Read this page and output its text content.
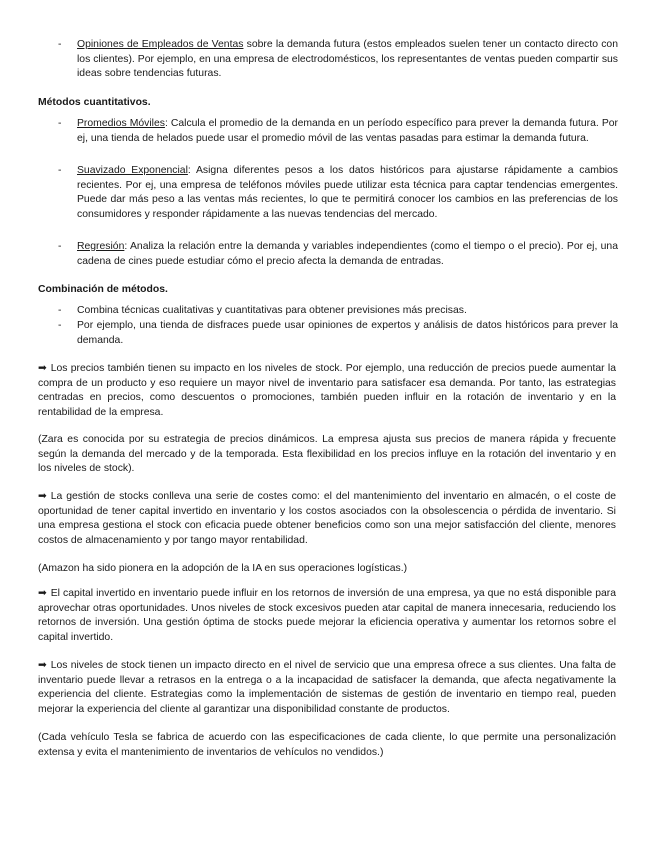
- Opiniones de Empleados de Ventas sobre la demanda futura (estos empleados suelen tener un contacto directo con los clientes). Por ejemplo, en una empresa de electrodomésticos, los representantes de ventas pueden compartir sus ideas sobre tendencias futuras.
Métodos cuantitativos.
- Promedios Móviles: Calcula el promedio de la demanda en un período específico para prever la demanda futura. Por ej, una tienda de helados puede usar el promedio móvil de las ventas pasadas para estimar la demanda futura.
- Suavizado Exponencial: Asigna diferentes pesos a los datos históricos para ajustarse rápidamente a cambios recientes. Por ej, una empresa de teléfonos móviles puede utilizar esta técnica para captar tendencias emergentes. Puede dar más peso a las ventas más recientes, lo que te permitirá conocer los cambios en las preferencias de los consumidores y responder rápidamente a las nuevas tendencias del mercado.
- Regresión: Analiza la relación entre la demanda y variables independientes (como el tiempo o el precio). Por ej, una cadena de cines puede estudiar cómo el precio afecta la demanda de entradas.
Combinación de métodos.
- Combina técnicas cualitativas y cuantitativas para obtener previsiones más precisas.
- Por ejemplo, una tienda de disfraces puede usar opiniones de expertos y análisis de datos históricos para prever la demanda.
➡ Los precios también tienen su impacto en los niveles de stock. Por ejemplo, una reducción de precios puede aumentar la compra de un producto y eso requiere un mayor nivel de inventario para satisfacer esa demanda. Por tanto, las estrategias centradas en precios, como descuentos o promociones, también pueden influir en la rotación de inventario y en la rentabilidad de la empresa.
(Zara es conocida por su estrategia de precios dinámicos. La empresa ajusta sus precios de manera rápida y frecuente según la demanda del mercado y de la temporada. Esta flexibilidad en los precios influye en la rotación del inventario y en los niveles de stock).
➡ La gestión de stocks conlleva una serie de costes como: el del mantenimiento del inventario en almacén, o el coste de oportunidad de tener capital invertido en inventario y los costos asociados con la obsolescencia o pérdida de inventario. Si una empresa gestiona el stock con eficacia puede obtener beneficios como son una mejor satisfacción del cliente, menores costos de almacenamiento y por tango mayor rentabilidad.
(Amazon ha sido pionera en la adopción de la IA en sus operaciones logísticas.)
➡ El capital invertido en inventario puede influir en los retornos de inversión de una empresa, ya que no está disponible para aprovechar otras oportunidades. Unos niveles de stock excesivos pueden atar capital de manera innecesaria, reduciendo los retornos de inversión. Una gestión óptima de stocks puede mejorar la eficiencia operativa y aumentar los retornos sobre el capital invertido.
➡ Los niveles de stock tienen un impacto directo en el nivel de servicio que una empresa ofrece a sus clientes. Una falta de inventario puede llevar a retrasos en la entrega o a la incapacidad de satisfacer la demanda, que afecta negativamente la experiencia del cliente. Estrategias como la implementación de sistemas de gestión de inventario en tiempo real, pueden mejorar la experiencia del cliente al garantizar una disponibilidad constante de productos.
(Cada vehículo Tesla se fabrica de acuerdo con las especificaciones de cada cliente, lo que permite una personalización extensa y evita el mantenimiento de inventarios de vehículos no vendidos.)
